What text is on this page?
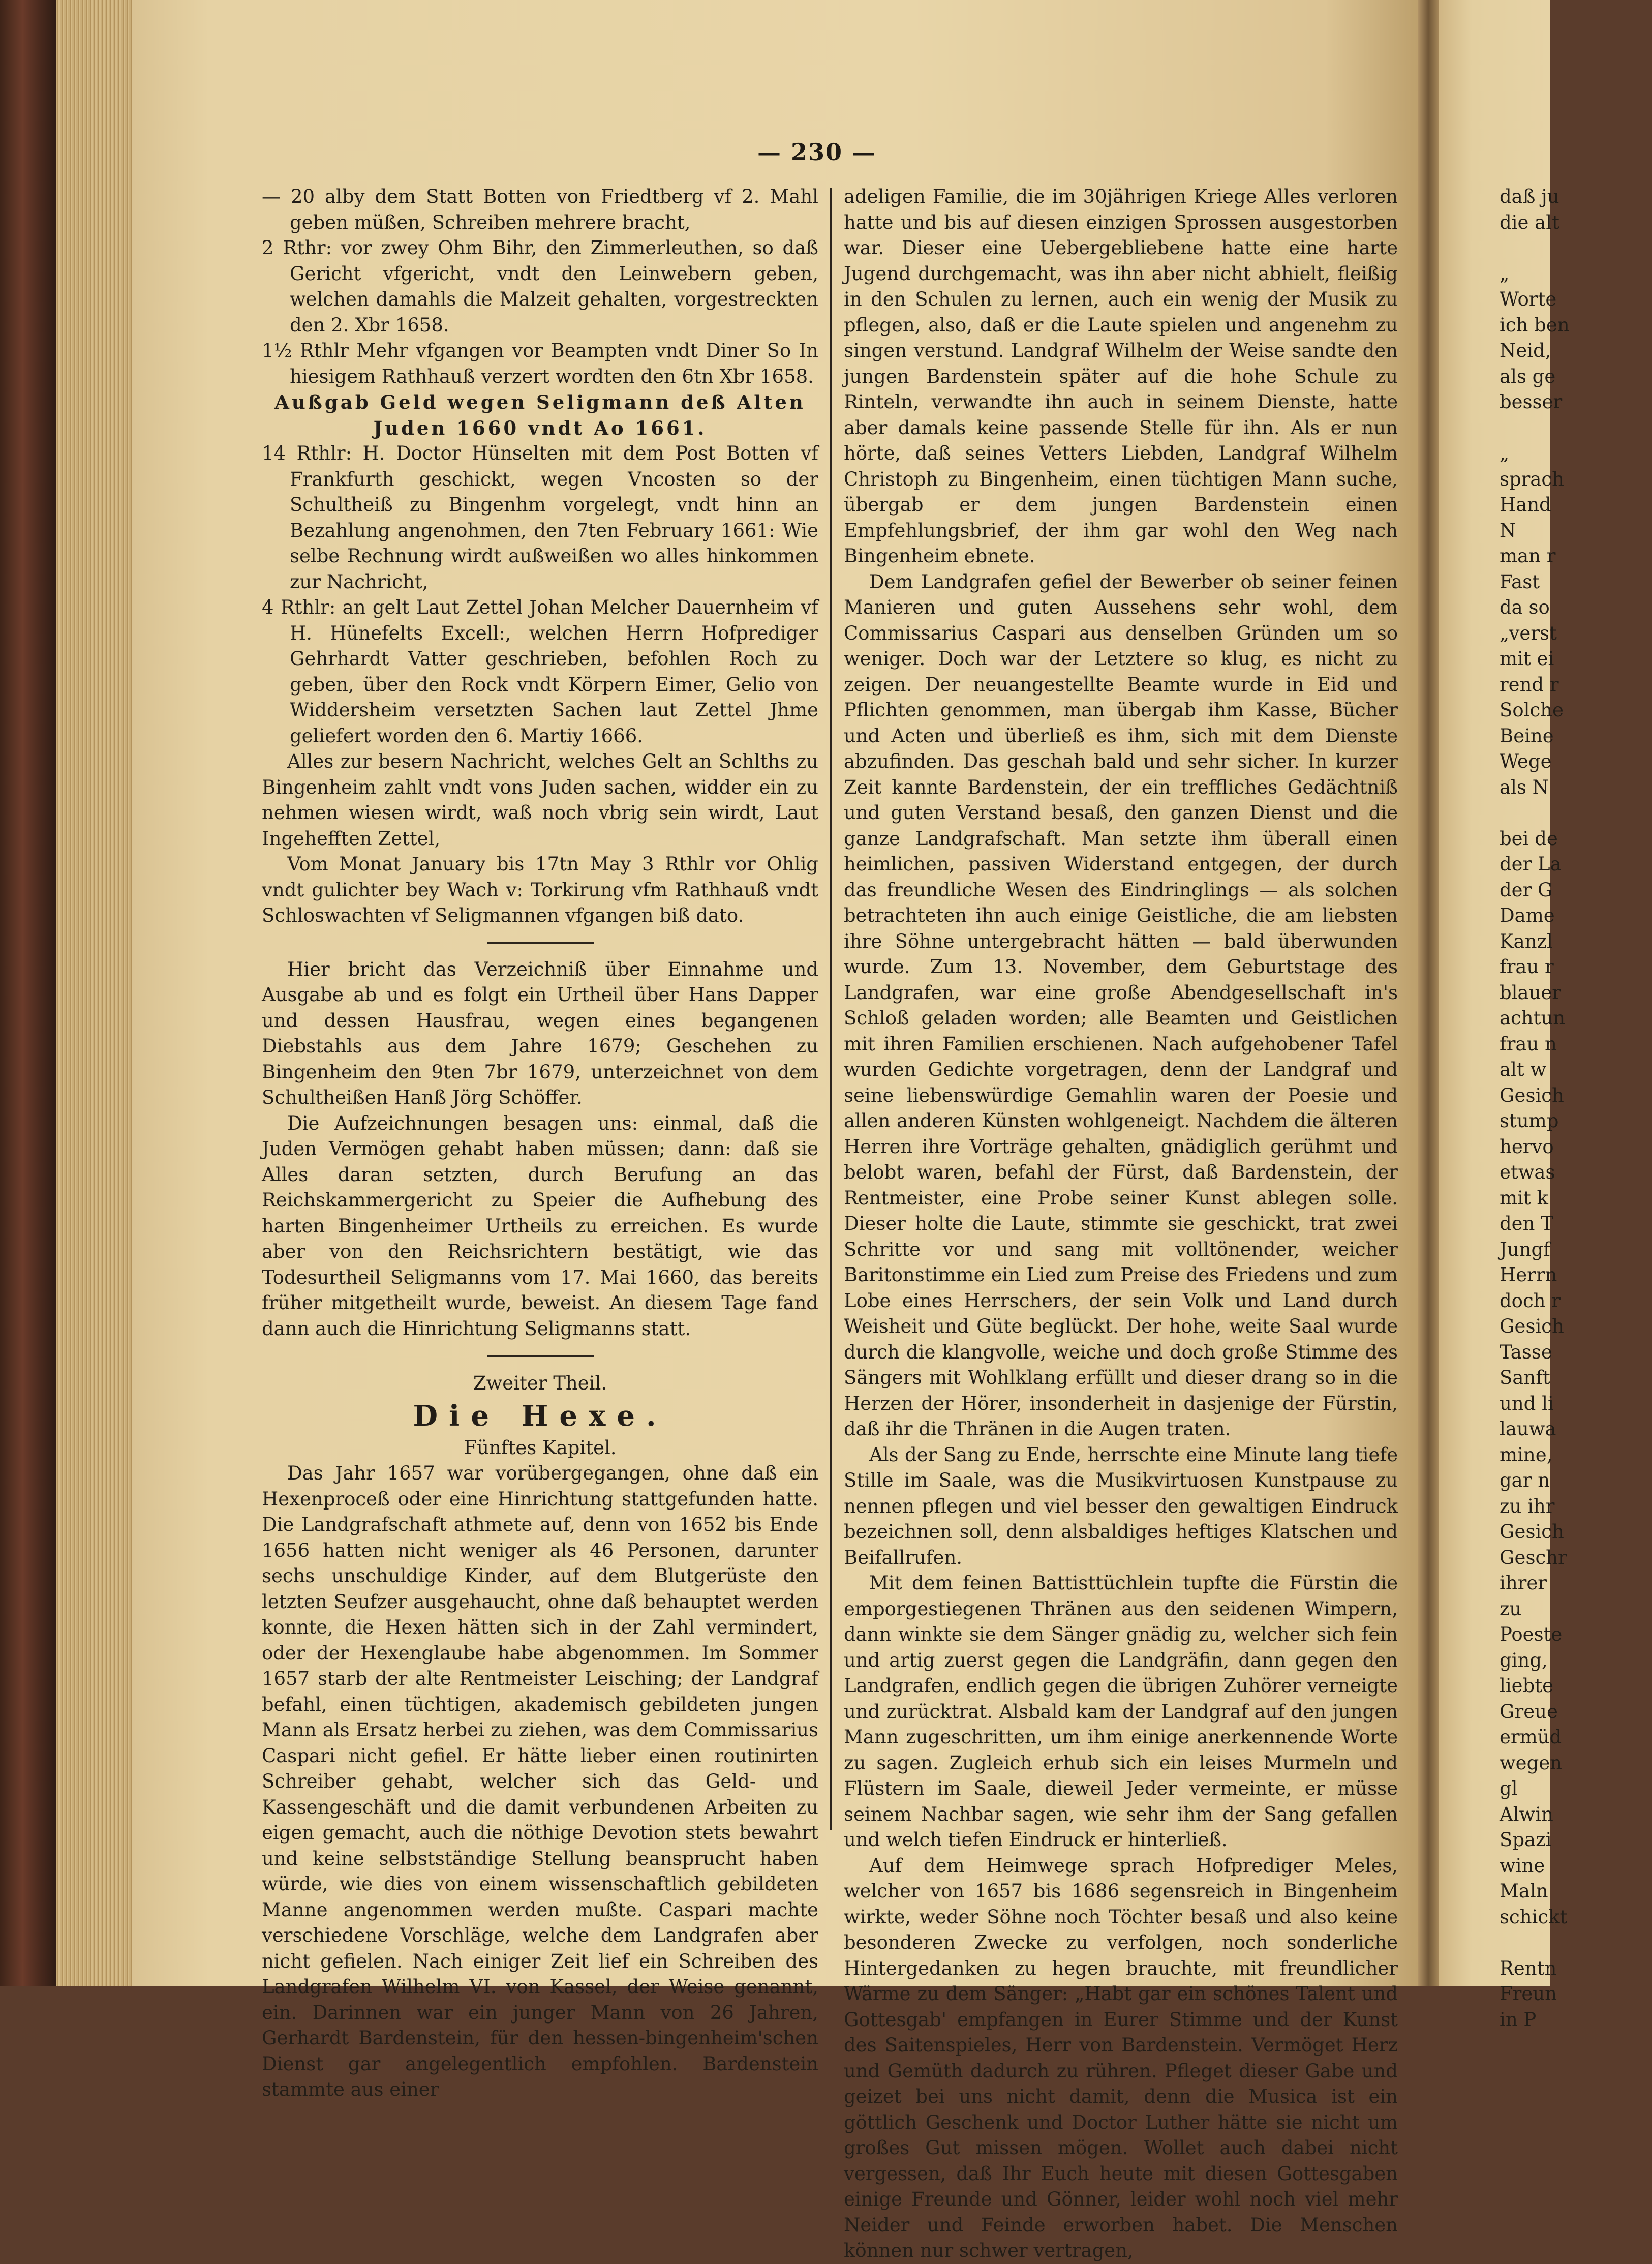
— 230 —

— 20 alby dem Statt Botten von Friedtberg vf 2. Mahl geben müßen, Schreiben mehrere bracht,

2 Rthr: vor zwey Ohm Bihr, den Zimmerleuthen, so daß Gericht vfgericht, vndt den Leinwebern geben, welchen damahls die Malzeit gehalten, vorgestreckten den 2. Xbr 1658.

1½ Rthlr Mehr vfgangen vor Beampten vndt Diner So In hiesigem Rathhauß verzert wordten den 6tn Xbr 1658.

Außgab Geld wegen Seligmann deß Alten Juden 1660 vndt Ao 1661.

14 Rthlr: H. Doctor Hünselten mit dem Post Botten vf Frankfurth geschickt, wegen Vncosten so der Schultheiß zu Bingenhm vorgelegt, vndt hinn an Bezahlung angenohmen, den 7ten February 1661: Wie selbe Rechnung wirdt außweißen wo alles hinkommen zur Nachricht,

4 Rthlr: an gelt Laut Zettel Johan Melcher Dauernheim vf H. Hünefelts Excell:, welchen Herrn Hofprediger Gehrhardt Vatter geschrieben, befohlen Roch zu geben, über den Rock vndt Körpern Eimer, Gelio von Widdersheim versetzten Sachen laut Zettel Jhme geliefert worden den 6. Martiy 1666.

Alles zur besern Nachricht, welches Gelt an Schlths zu Bingenheim zahlt vndt vons Juden sachen, widder ein zu nehmen wiesen wirdt, waß noch vbrig sein wirdt, Laut Ingehefften Zettel,

Vom Monat January bis 17tn May 3 Rthlr vor Ohlig vndt gulichter bey Wach v: Torkirung vfm Rathhauß vndt Schloswachten vf Seligmannen vfgangen biß dato.

Hier bricht das Verzeichniß über Einnahme und Ausgabe ab und es folgt ein Urtheil über Hans Dapper und dessen Hausfrau, wegen eines begangenen Diebstahls aus dem Jahre 1679; Geschehen zu Bingenheim den 9ten 7br 1679, unterzeichnet von dem Schultheißen Hanß Jörg Schöffer.

Die Aufzeichnungen besagen uns: einmal, daß die Juden Vermögen gehabt haben müssen; dann: daß sie Alles daran setzten, durch Berufung an das Reichskammergericht zu Speier die Aufhebung des harten Bingenheimer Urtheils zu erreichen. Es wurde aber von den Reichsrichtern bestätigt, wie das Todesurtheil Seligmanns vom 17. Mai 1660, das bereits früher mitgetheilt wurde, beweist. An diesem Tage fand dann auch die Hinrichtung Seligmanns statt.

Zweiter Theil.

Die Hexe.

Fünftes Kapitel.

Das Jahr 1657 war vorübergegangen, ohne daß ein Hexenproceß oder eine Hinrichtung stattgefunden hatte. Die Landgrafschaft athmete auf, denn von 1652 bis Ende 1656 hatten nicht weniger als 46 Personen, darunter sechs unschuldige Kinder, auf dem Blutgerüste den letzten Seufzer ausgehaucht, ohne daß behauptet werden konnte, die Hexen hätten sich in der Zahl vermindert, oder der Hexenglaube habe abgenommen. Im Sommer 1657 starb der alte Rentmeister Leisching; der Landgraf befahl, einen tüchtigen, akademisch gebildeten jungen Mann als Ersatz herbei zu ziehen, was dem Commissarius Caspari nicht gefiel. Er hätte lieber einen routinirten Schreiber gehabt, welcher sich das Geld- und Kassengeschäft und die damit verbundenen Arbeiten zu eigen gemacht, auch die nöthige Devotion stets bewahrt und keine selbstständige Stellung beansprucht haben würde, wie dies von einem wissenschaftlich gebildeten Manne angenommen werden mußte. Caspari machte verschiedene Vorschläge, welche dem Landgrafen aber nicht gefielen. Nach einiger Zeit lief ein Schreiben des Landgrafen Wilhelm VI. von Kassel, der Weise genannt, ein. Darinnen war ein junger Mann von 26 Jahren, Gerhardt Bardenstein, für den hessen-bingenheim'schen Dienst gar angelegentlich empfohlen. Bardenstein stammte aus einer

adeligen Familie, die im 30jährigen Kriege Alles verloren hatte und bis auf diesen einzigen Sprossen ausgestorben war. Dieser eine Uebergebliebene hatte eine harte Jugend durchgemacht, was ihn aber nicht abhielt, fleißig in den Schulen zu lernen, auch ein wenig der Musik zu pflegen, also, daß er die Laute spielen und angenehm zu singen verstund. Landgraf Wilhelm der Weise sandte den jungen Bardenstein später auf die hohe Schule zu Rinteln, verwandte ihn auch in seinem Dienste, hatte aber damals keine passende Stelle für ihn. Als er nun hörte, daß seines Vetters Liebden, Landgraf Wilhelm Christoph zu Bingenheim, einen tüchtigen Mann suche, übergab er dem jungen Bardenstein einen Empfehlungsbrief, der ihm gar wohl den Weg nach Bingenheim ebnete.

Dem Landgrafen gefiel der Bewerber ob seiner feinen Manieren und guten Aussehens sehr wohl, dem Commissarius Caspari aus denselben Gründen um so weniger. Doch war der Letztere so klug, es nicht zu zeigen. Der neuangestellte Beamte wurde in Eid und Pflichten genommen, man übergab ihm Kasse, Bücher und Acten und überließ es ihm, sich mit dem Dienste abzufinden. Das geschah bald und sehr sicher. In kurzer Zeit kannte Bardenstein, der ein treffliches Gedächtniß und guten Verstand besaß, den ganzen Dienst und die ganze Landgrafschaft. Man setzte ihm überall einen heimlichen, passiven Widerstand entgegen, der durch das freundliche Wesen des Eindringlings — als solchen betrachteten ihn auch einige Geistliche, die am liebsten ihre Söhne untergebracht hätten — bald überwunden wurde. Zum 13. November, dem Geburtstage des Landgrafen, war eine große Abendgesellschaft in's Schloß geladen worden; alle Beamten und Geistlichen mit ihren Familien erschienen. Nach aufgehobener Tafel wurden Gedichte vorgetragen, denn der Landgraf und seine liebenswürdige Gemahlin waren der Poesie und allen anderen Künsten wohlgeneigt. Nachdem die älteren Herren ihre Vorträge gehalten, gnädiglich gerühmt und belobt waren, befahl der Fürst, daß Bardenstein, der Rentmeister, eine Probe seiner Kunst ablegen solle. Dieser holte die Laute, stimmte sie geschickt, trat zwei Schritte vor und sang mit volltönender, weicher Baritonstimme ein Lied zum Preise des Friedens und zum Lobe eines Herrschers, der sein Volk und Land durch Weisheit und Güte beglückt. Der hohe, weite Saal wurde durch die klangvolle, weiche und doch große Stimme des Sängers mit Wohlklang erfüllt und dieser drang so in die Herzen der Hörer, insonderheit in dasjenige der Fürstin, daß ihr die Thränen in die Augen traten.

Als der Sang zu Ende, herrschte eine Minute lang tiefe Stille im Saale, was die Musikvirtuosen Kunstpause zu nennen pflegen und viel besser den gewaltigen Eindruck bezeichnen soll, denn alsbaldiges heftiges Klatschen und Beifallrufen.

Mit dem feinen Battisttüchlein tupfte die Fürstin die emporgestiegenen Thränen aus den seidenen Wimpern, dann winkte sie dem Sänger gnädig zu, welcher sich fein und artig zuerst gegen die Landgräfin, dann gegen den Landgrafen, endlich gegen die übrigen Zuhörer verneigte und zurücktrat. Alsbald kam der Landgraf auf den jungen Mann zugeschritten, um ihm einige anerkennende Worte zu sagen. Zugleich erhub sich ein leises Murmeln und Flüstern im Saale, dieweil Jeder vermeinte, er müsse seinem Nachbar sagen, wie sehr ihm der Sang gefallen und welch tiefen Eindruck er hinterließ.

Auf dem Heimwege sprach Hofprediger Meles, welcher von 1657 bis 1686 segensreich in Bingenheim wirkte, weder Söhne noch Töchter besaß und also keine besonderen Zwecke zu verfolgen, noch sonderliche Hintergedanken zu hegen brauchte, mit freundlicher Wärme zu dem Sänger: „Habt gar ein schönes Talent und Gottesgab' empfangen in Eurer Stimme und der Kunst des Saitenspieles, Herr von Bardenstein. Vermöget Herz und Gemüth dadurch zu rühren. Pfleget dieser Gabe und geizet bei uns nicht damit, denn die Musica ist ein göttlich Geschenk und Doctor Luther hätte sie nicht um großes Gut missen mögen. Wollet auch dabei nicht vergessen, daß Ihr Euch heute mit diesen Gottesgaben einige Freunde und Gönner, leider wohl noch viel mehr Neider und Feinde erworben habet. Die Menschen können nur schwer vertragen,

daß ju

die alt

„

Worte

ich ben

Neid,

als ge

besser

„

sprach

Hand

N

man r

Fast

da so

„verst

mit ei

rend r

Solche

Beine

Wege

als N

bei de

der La

der G

Dame

Kanzl

frau r

blauer

achtun

frau n

alt w

Gesich

stump

hervo

etwas

mit k

den T

Jungf

Herrn

doch r

Gesich

Tasse

Sanft

und li

lauwa

mine,

gar n

zu ihr

Gesich

Geschr

ihrer

zu

Poeste

ging,

liebte

Greue

ermüd

wegen

gl

Alwin

Spazi

wine

Maln

schickt

Rentn

Freun

in P
